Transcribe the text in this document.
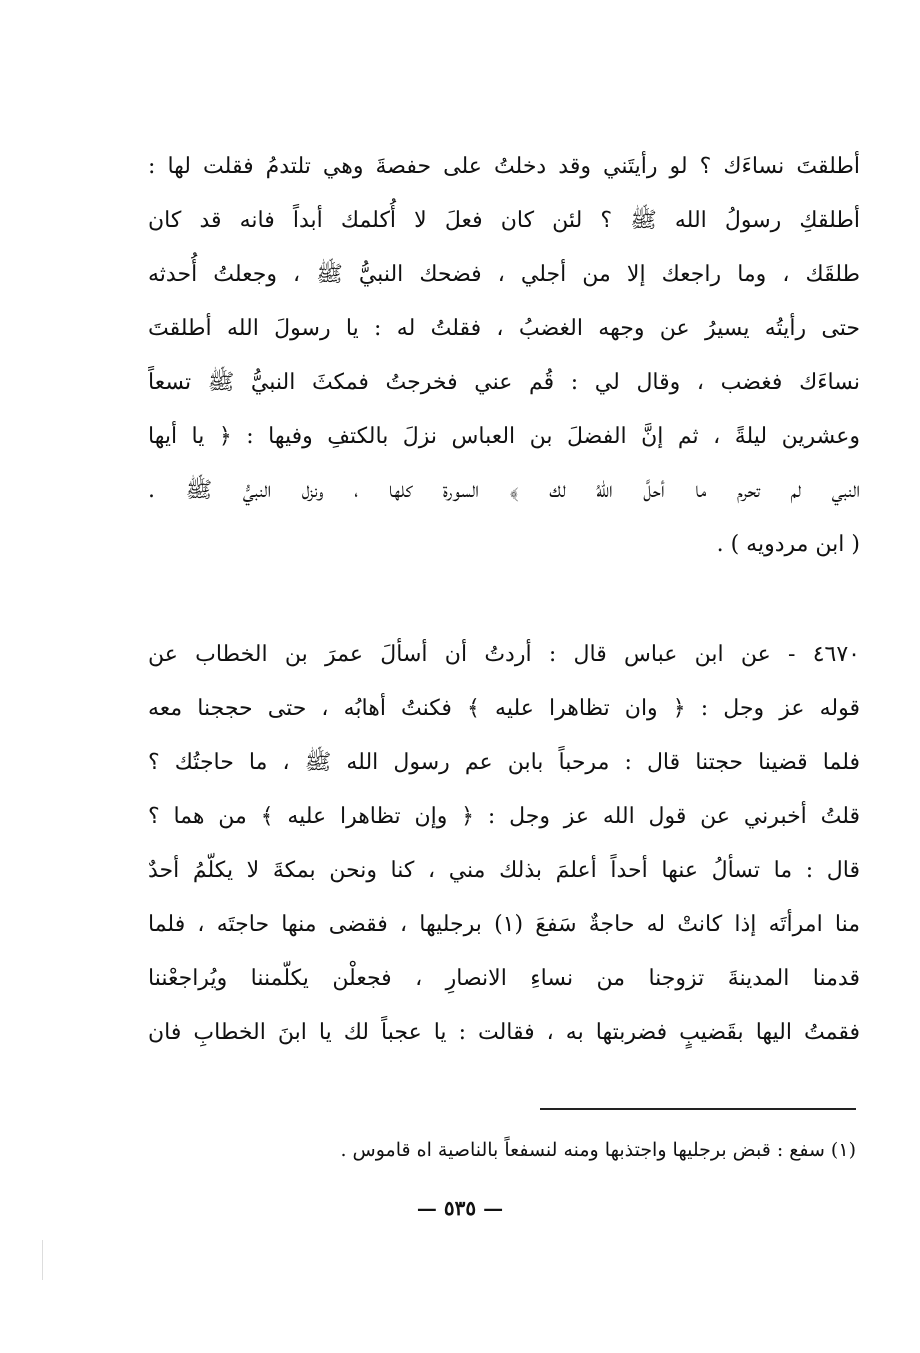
أطلقتَ نساءَك ؟ لو رأيتَني وقد دخلتُ على حفصةَ وهي تلتدمُ فقلت لها :
أطلقكِ رسولُ الله ﷺ ؟ لئن كان فعلَ لا أُكلمك أبداً فانه قد كان
طلقَك ، وما راجعك إلا من أجلي ، فضحك النبيُّ ﷺ ، وجعلتُ أُحدثه
حتى رأيتُه يسيرُ عن وجهه الغضبُ ، فقلتُ له : يا رسولَ الله أطلقتَ
نساءَك فغضب ، وقال لي : قُم عني فخرجتُ فمكثَ النبيُّ ﷺ تسعاً
وعشرين ليلةً ، ثم إنَّ الفضلَ بن العباس نزلَ بالكتفِ وفيها : ﴿ يا أيها
النبي لم تحرم ما أحلَّ اللهُ لك ﴾ السورة كلها ، ونزل النبيُّ ﷺ .
( ابن مردويه ) .
٤٦٧٠ - عن ابن عباس قال : أردتُ أن أسألَ عمرَ بن الخطاب عن
قوله عز وجل : ﴿ وان تظاهرا عليه ﴾ فكنتُ أهابُه ، حتى حججنا معه
فلما قضينا حجتنا قال : مرحباً بابن عم رسول الله ﷺ ، ما حاجتُك ؟
قلتُ أخبرني عن قول الله عز وجل : ﴿ وإن تظاهرا عليه ﴾ من هما ؟
قال : ما تسألُ عنها أحداً أعلمَ بذلك مني ، كنا ونحن بمكةَ لا يكلّمُ أحدٌ
منا امرأتَه إذا كانتْ له حاجةٌ سَفعَ (١) برجليها ، فقضى منها حاجتَه ، فلما
قدمنا المدينةَ تزوجنا من نساءِ الانصارِ ، فجعلْن يكلّمننا ويُراجعْننا
فقمتُ اليها بقَضيبٍ فضربتها به ، فقالت : يا عجباً لك يا ابنَ الخطابِ فان
(١) سفع : قبض برجليها واجتذبها ومنه لنسفعاً بالناصية اه قاموس .
— ٥٣٥ —
